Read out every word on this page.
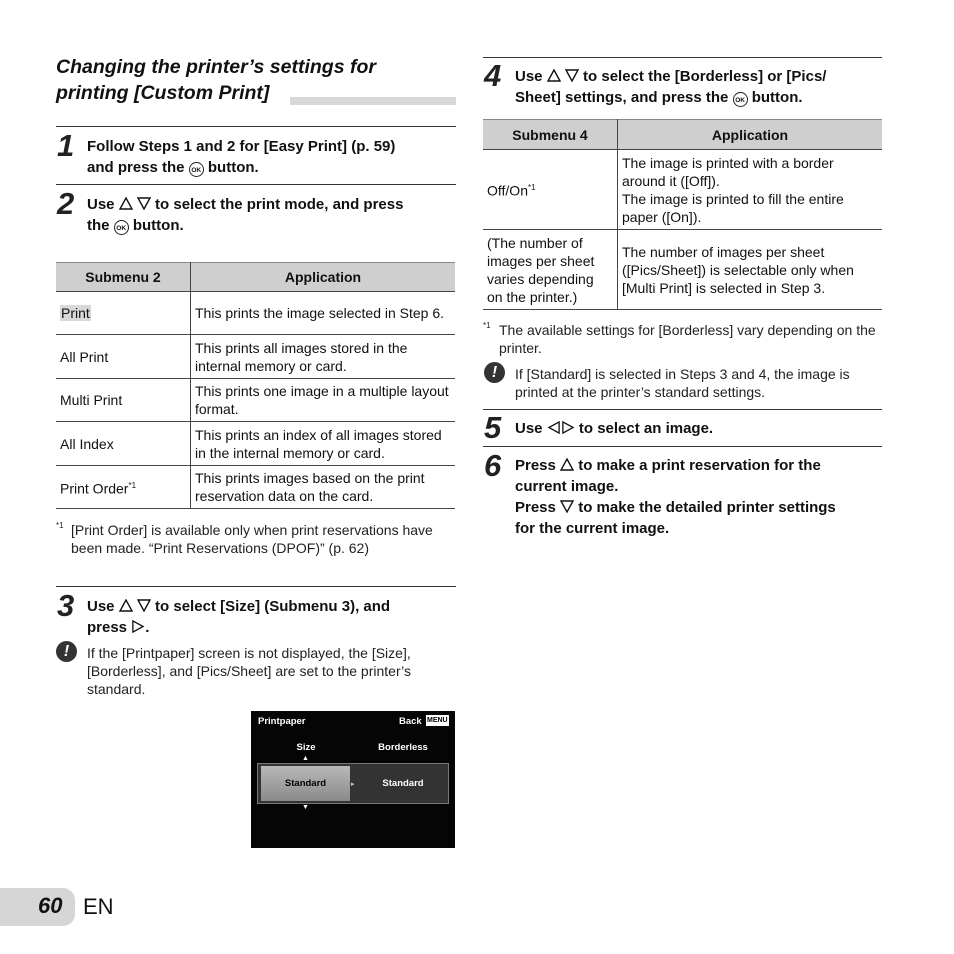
Changing the printer’s settings for
printing [Custom Print]
1 Follow Steps 1 and 2 for [Easy Print] (p. 59)
and press the OK button.
2 Use	to select the print mode, and press
the OK button.
Submenu 2	Application
Print	This prints the image selected in Step 6.
All Print	This prints all images stored in the internal memory or card.
Multi Print	This prints one image in a multiple layout format.
All Index	This prints an index of all images stored in the internal memory or card.
Print Order$^{*1}$	This prints images based on the print reservation data on the card.
*1 [Print Order] is available only when print reservations have been made. “Print Reservations (DPOF)” (p. 62)
3 Use	to select [Size] (Submenu 3), and
press .
!	If the [Printpaper] screen is not displayed, the [Size], [Borderless], and [Pics/Sheet] are set to the printer’s standard.
Printpaper	Back MENU
Size	Borderless
▲
Standard	▸	Standard
▼
4 Use	to select the [Borderless] or [Pics/
Sheet] settings, and press the OK button.
Submenu 4	Application
Off/On$^{*1}$	The image is printed with a border around it ([Off]).
The image is printed to fill the entire paper ([On]).

(The number of images per sheet varies depending on the printer.)	The number of images per sheet ([Pics/Sheet]) is selectable only when [Multi Print] is selected in Step 3.
*1 The available settings for [Borderless] vary depending on the printer.
!	If [Standard] is selected in Steps 3 and 4, the image is printed at the printer’s standard settings.
5 Use to select an image.
6 Press to make a print reservation for the
current image.
Press to make the detailed printer settings
for the current image.
60 EN
